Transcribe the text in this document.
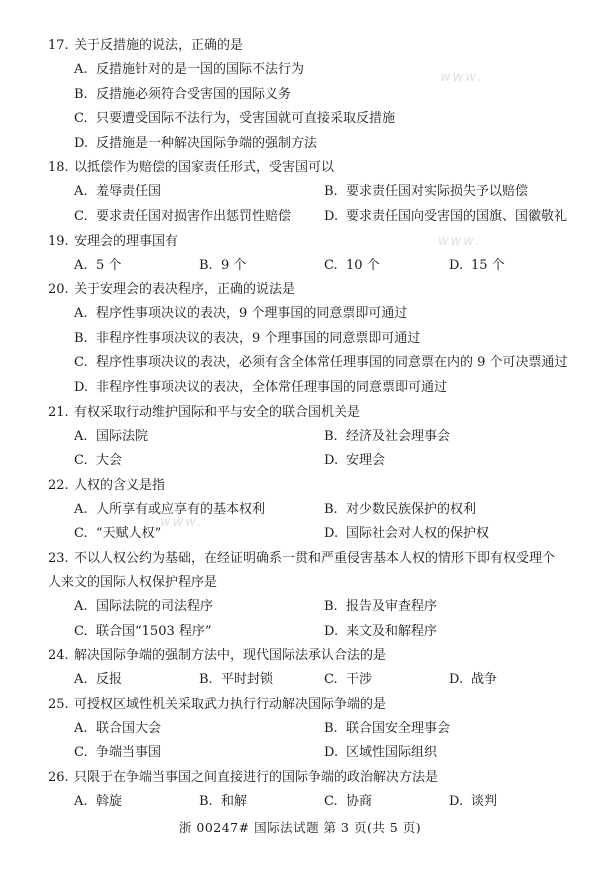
www.
www.
www.
17. 关于反措施的说法，正确的是
A. 反措施针对的是一国的国际不法行为
B. 反措施必须符合受害国的国际义务
C. 只要遭受国际不法行为，受害国就可直接采取反措施
D. 反措施是一种解决国际争端的强制方法
18. 以抵偿作为赔偿的国家责任形式，受害国可以
A. 羞辱责任国	B. 要求责任国对实际损失予以赔偿
C. 要求责任国对损害作出惩罚性赔偿	D. 要求责任国向受害国的国旗、国徽敬礼
19. 安理会的理事国有
A. 5 个	B. 9 个	C. 10 个	D. 15 个
20. 关于安理会的表决程序，正确的说法是
A. 程序性事项决议的表决，9 个理事国的同意票即可通过
B. 非程序性事项决议的表决，9 个理事国的同意票即可通过
C. 程序性事项决议的表决，必须有含全体常任理事国的同意票在内的 9 个可决票通过
D. 非程序性事项决议的表决，全体常任理事国的同意票即可通过
21. 有权采取行动维护国际和平与安全的联合国机关是
A. 国际法院	B. 经济及社会理事会
C. 大会	D. 安理会
22. 人权的含义是指
A. 人所享有或应享有的基本权利	B. 对少数民族保护的权利
C. “天赋人权”	D. 国际社会对人权的保护权
23. 不以人权公约为基础，在经证明确系一贯和严重侵害基本人权的情形下即有权受理个
人来文的国际人权保护程序是
A. 国际法院的司法程序	B. 报告及审查程序
C. 联合国“1503 程序”	D. 来文及和解程序
24. 解决国际争端的强制方法中，现代国际法承认合法的是
A. 反报	B. 平时封锁	C. 干涉	D. 战争
25. 可授权区域性机关采取武力执行行动解决国际争端的是
A. 联合国大会	B. 联合国安全理事会
C. 争端当事国	D. 区域性国际组织
26. 只限于在争端当事国之间直接进行的国际争端的政治解决方法是
A. 斡旋	B. 和解	C. 协商	D. 谈判
浙 00247# 国际法试题 第 3 页(共 5 页)
